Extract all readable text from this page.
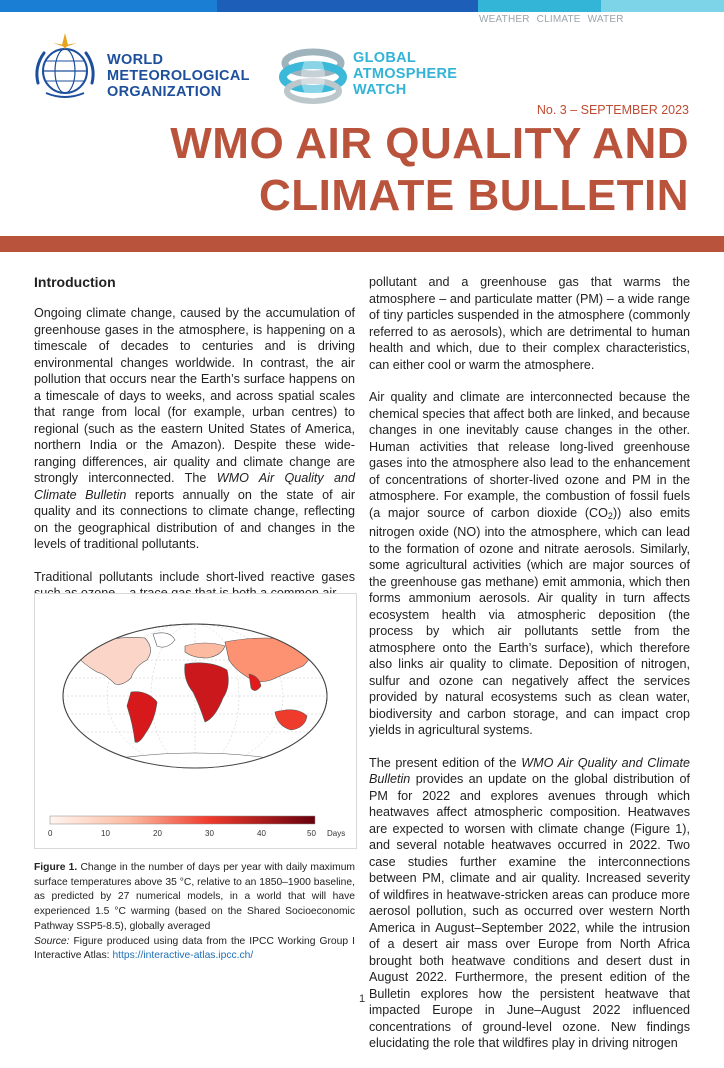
WEATHER CLIMATE WATER
WORLD
METEOROLOGICAL
ORGANIZATION
GLOBAL
ATMOSPHERE
WATCH
No. 3 – SEPTEMBER 2023
WMO AIR QUALITY AND
CLIMATE BULLETIN
Introduction

Ongoing climate change, caused by the accumulation of greenhouse gases in the atmosphere, is happening on a timescale of decades to centuries and is driving environmental changes worldwide. In contrast, the air pollution that occurs near the Earth’s surface happens on a timescale of days to weeks, and across spatial scales that range from local (for example, urban centres) to regional (such as the eastern United States of America, northern India or the Amazon). Despite these wide-ranging differences, air quality and climate change are strongly interconnected. The WMO Air Quality and Climate Bulletin reports annually on the state of air quality and its connections to climate change, reflecting on the geographical distribution of and changes in the levels of traditional pollutants.

Traditional pollutants include short-lived reactive gases

0	10	20	30	40	50 Days
Figure 1. Change in the number of days per year with daily maximum surface temperatures above 35 °C, relative to an 1850–1900 baseline, as predicted by 27 numerical models, in a world that will have experienced 1.5 °C warming (based on the Shared Socioeconomic Pathway SSP5-8.5), globally averaged
Source: Figure produced using data from the IPCC Working Group I Interactive Atlas: https://interactive-atlas.ipcc.ch/

pollutant and a greenhouse gas that warms the atmosphere – and particulate matter (PM) – a wide range of tiny particles suspended in the atmosphere (commonly referred to as aerosols), which are detrimental to human health and which, due to their complex characteristics, can either cool or warm the atmosphere.

Air quality and climate are interconnected because the chemical species that affect both are linked, and because changes in one inevitably cause changes in the other. Human activities that release long-lived greenhouse gases into the atmosphere also lead to the enhancement of concentrations of shorter-lived ozone and PM in the atmosphere. For example, the combustion of fossil fuels (a major source of carbon dioxide $(CO_2)$) also emits nitrogen oxide (NO) into the atmosphere, which can lead to the formation of ozone and nitrate aerosols. Similarly, some agricultural activities (which are major sources of the greenhouse gas methane) emit ammonia, which then forms ammonium aerosols. Air quality in turn affects ecosystem health via atmospheric deposition (the process by which air pollutants settle from the atmosphere onto the Earth’s surface), which therefore also links air quality to climate. Deposition of nitrogen, sulfur and ozone can negatively affect the services provided by natural ecosystems such as clean water, biodiversity and carbon storage, and can impact crop yields in agricultural systems.

The present edition of the WMO Air Quality and Climate Bulletin provides an update on the global distribution of PM for 2022 and explores avenues through which heatwaves affect atmospheric composition. Heatwaves are expected to worsen with climate change (Figure 1), and several notable heatwaves occurred in 2022. Two case studies further examine the interconnections between PM, climate and air quality. Increased severity of wildfires in heatwave-stricken areas can produce more aerosol pollution, such as occurred over western North America in August–September 2022, while the intrusion of a desert air mass over Europe from North Africa brought both heatwave conditions and desert dust in August 2022. Furthermore, the present edition of the Bulletin explores how the persistent heatwave that impacted Europe in June–August 2022 influenced concentrations of ground-level ozone. New findings elucidating the role that wildfires play in driving nitrogen

1
